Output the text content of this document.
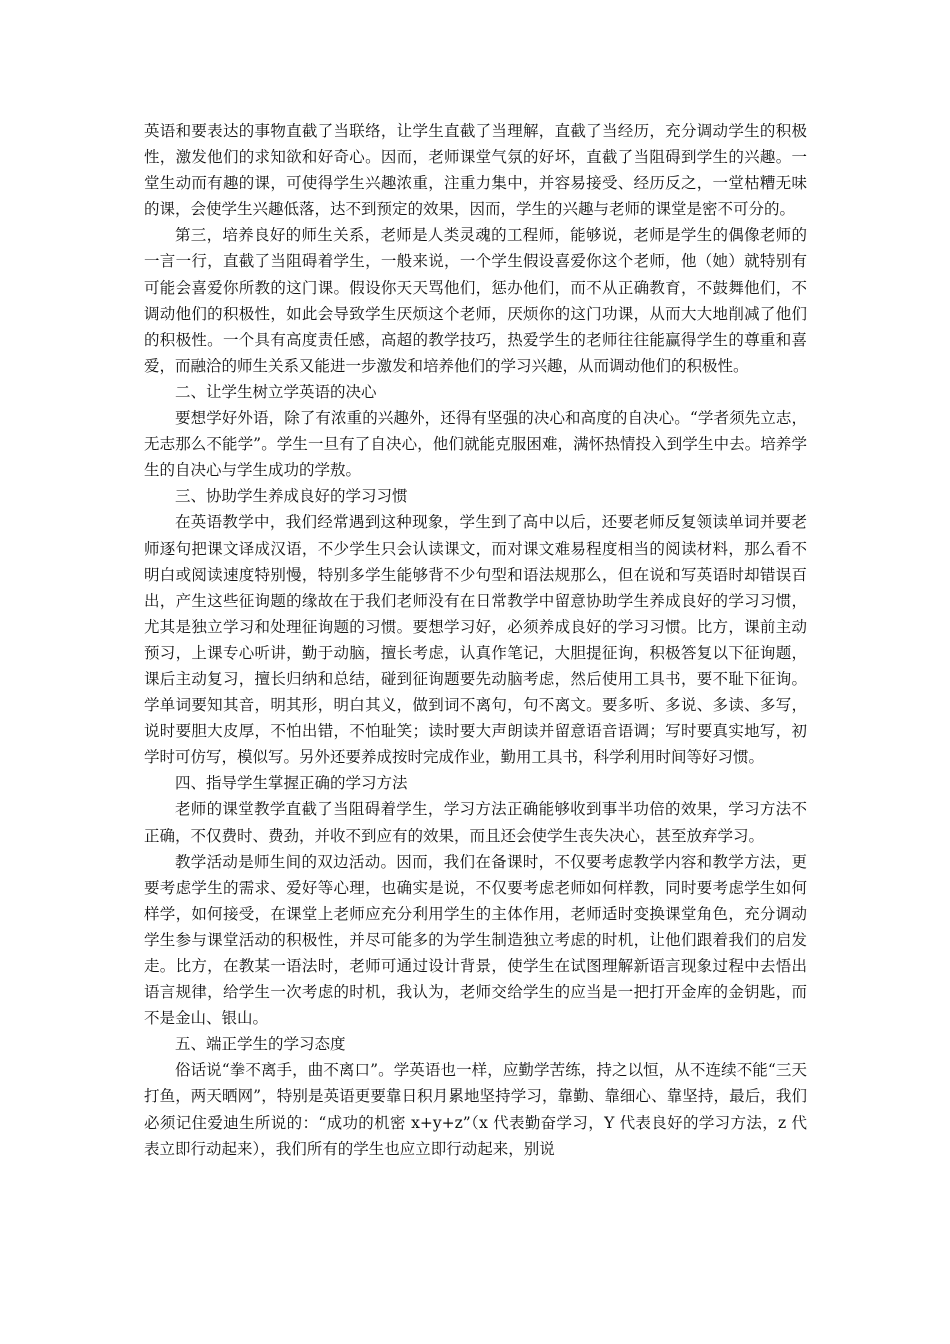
英语和要表达的事物直截了当联络，让学生直截了当理解，直截了当经历，充分调动学生的积极性，激发他们的求知欲和好奇心。因而，老师课堂气氛的好坏，直截了当阻碍到学生的兴趣。一堂生动而有趣的课，可使得学生兴趣浓重，注重力集中，并容易接受、经历反之，一堂枯糟无味的课，会使学生兴趣低落，达不到预定的效果，因而，学生的兴趣与老师的课堂是密不可分的。

第三，培养良好的师生关系，老师是人类灵魂的工程师，能够说，老师是学生的偶像老师的一言一行，直截了当阻碍着学生，一般来说，一个学生假设喜爱你这个老师，他（她）就特别有可能会喜爱你所教的这门课。假设你天天骂他们，惩办他们，而不从正确教育，不鼓舞他们，不调动他们的积极性，如此会导致学生厌烦这个老师，厌烦你的这门功课，从而大大地削减了他们的积极性。一个具有高度责任感，高超的教学技巧，热爱学生的老师往往能赢得学生的尊重和喜爱，而融洽的师生关系又能进一步激发和培养他们的学习兴趣，从而调动他们的积极性。

二、让学生树立学英语的决心

要想学好外语，除了有浓重的兴趣外，还得有坚强的决心和高度的自决心。“学者须先立志，无志那么不能学”。学生一旦有了自决心，他们就能克服困难，满怀热情投入到学生中去。培养学生的自决心与学生成功的学敖。

三、协助学生养成良好的学习习惯

在英语教学中，我们经常遇到这种现象，学生到了高中以后，还要老师反复领读单词并要老师逐句把课文译成汉语，不少学生只会认读课文，而对课文难易程度相当的阅读材料，那么看不明白或阅读速度特别慢，特别多学生能够背不少句型和语法规那么，但在说和写英语时却错误百出，产生这些征询题的缘故在于我们老师没有在日常教学中留意协助学生养成良好的学习习惯，尤其是独立学习和处理征询题的习惯。要想学习好，必须养成良好的学习习惯。比方，课前主动预习，上课专心听讲，勤于动脑，擅长考虑，认真作笔记，大胆提征询，积极答复以下征询题，课后主动复习，擅长归纳和总结，碰到征询题要先动脑考虑，然后使用工具书，要不耻下征询。学单词要知其音，明其形，明白其义，做到词不离句，句不离文。要多听、多说、多读、多写，说时要胆大皮厚，不怕出错，不怕耻笑；读时要大声朗读并留意语音语调；写时要真实地写，初学时可仿写，模似写。另外还要养成按时完成作业，勤用工具书，科学利用时间等好习惯。

四、指导学生掌握正确的学习方法

老师的课堂教学直截了当阻碍着学生，学习方法正确能够收到事半功倍的效果，学习方法不正确，不仅费时、费劲，并收不到应有的效果，而且还会使学生丧失决心，甚至放弃学习。

教学活动是师生间的双边活动。因而，我们在备课时，不仅要考虑教学内容和教学方法，更要考虑学生的需求、爱好等心理，也确实是说，不仅要考虑老师如何样教，同时要考虑学生如何样学，如何接受，在课堂上老师应充分利用学生的主体作用，老师适时变换课堂角色，充分调动学生参与课堂活动的积极性，并尽可能多的为学生制造独立考虑的时机，让他们跟着我们的启发走。比方，在教某一语法时，老师可通过设计背景，使学生在试图理解新语言现象过程中去悟出语言规律，给学生一次考虑的时机，我认为，老师交给学生的应当是一把打开金库的金钥匙，而不是金山、银山。

五、端正学生的学习态度

俗话说“拳不离手，曲不离口”。学英语也一样，应勤学苦练，持之以恒，从不连续不能“三天打鱼，两天晒网”，特别是英语更要靠日积月累地坚持学习，靠勤、靠细心、靠坚持，最后，我们必须记住爱迪生所说的：“成功的机密 x+y+z”（x 代表勤奋学习，Y 代表良好的学习方法，z 代表立即行动起来），我们所有的学生也应立即行动起来，别说
